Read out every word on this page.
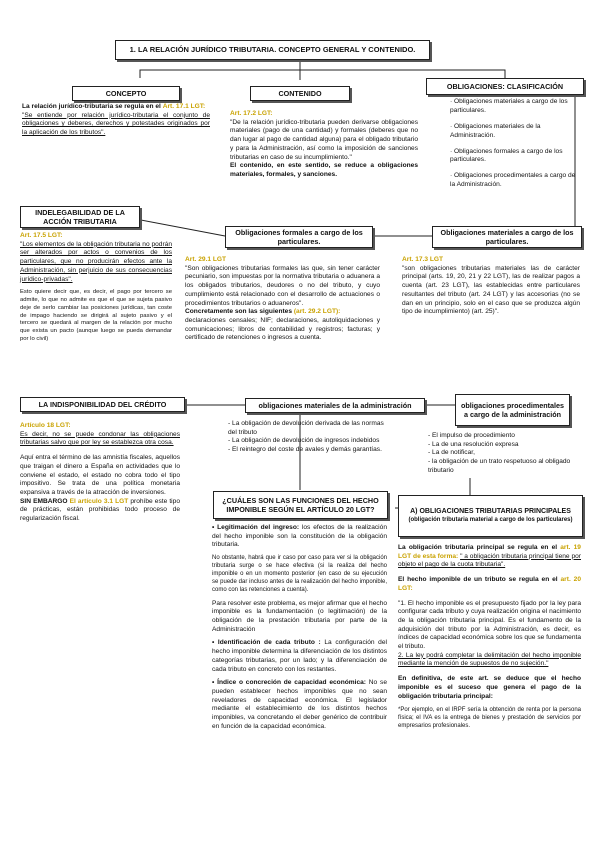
1. LA RELACIÓN JURÍDICO TRIBUTARIA. CONCEPTO GENERAL Y CONTENIDO.
CONCEPTO

La relación jurídico-tributaria se regula en el Art. 17.1 LGT:

"Se entiende por relación jurídico-tributaria el conjunto de obligaciones y deberes, derechos y potestades originados por la aplicación de los tributos".

CONTENIDO

Art. 17.2 LGT:

"De la relación jurídico-tributaria pueden derivarse obligaciones materiales (pago de una cantidad) y formales (deberes que no dan lugar al pago de cantidad alguna) para el obligado tributario y para la Administración, así como la imposición de sanciones tributarias en caso de su incumplimiento."

El contenido, en este sentido, se reduce a obligaciones materiales, formales, y sanciones.

OBLIGACIONES: CLASIFICACIÓN

· Obligaciones materiales a cargo de los particulares.

· Obligaciones materiales de la Administración.

· Obligaciones formales a cargo de los particulares.

· Obligaciones procedimentales a cargo de la Administración.

INDELEGABILIDAD DE LA ACCIÓN TRIBUTARIA

Art. 17.5 LGT:

"Los elementos de la obligación tributaria no podrán ser alterados por actos o convenios de los particulares, que no producirán efectos ante la Administración, sin perjuicio de sus consecuencias jurídico-privadas".

Esto quiere decir que, es decir, el pago por tercero se admite, lo que no admite es que el que se sujeta pasivo deje de serlo cambiar las posiciones jurídicas, tan coste de impago haciendo se dirigirá al sujeto pasivo y el tercero se quedará al margen de la relación por mucho que exista un pacto (aunque luego se pueda demandar por lo civil)

Obligaciones formales a cargo de los particulares.

Art. 29.1 LGT

"Son obligaciones tributarias formales las que, sin tener carácter pecuniario, son impuestas por la normativa tributaria o aduanera a los obligados tributarios, deudores o no del tributo, y cuyo cumplimiento está relacionado con el desarrollo de actuaciones o procedimientos tributarios o aduaneros".

Concretamente son las siguientes (art. 29.2 LGT):

declaraciones censales; NIF; declaraciones, autoliquidaciones y comunicaciones; libros de contabilidad y registros; facturas; y certificado de retenciones o ingresos a cuenta.

Obligaciones materiales a cargo de los particulares.

Art. 17.3 LGT

"son obligaciones tributarias materiales las de carácter principal (arts. 19, 20, 21 y 22 LGT), las de realizar pagos a cuenta (art. 23 LGT), las establecidas entre particulares resultantes del tributo (art. 24 LGT) y las accesorias (no se dan en un principio, solo en el caso que se produzca algún tipo de incumplimiento) (art. 25)".

LA INDISPONIBILIDAD DEL CRÉDITO

Artículo 18 LGT:

Es decir, no se puede condonar las obligaciones tributarias salvo que por ley se establezca otra cosa.

Aquí entra el término de las amnistía fiscales, aquellos que traigan el dinero a España en actividades que lo conviene el estado, el estado no cobra todo el tipo impositivo. Se trata de una política monetaria expansiva a través de la atracción de inversiones.

SIN EMBARGO El artículo 3.1 LGT prohíbe este tipo de prácticas, están prohibidas todo proceso de regularización fiscal.

obligaciones materiales de la administración

- La obligación de devolución derivada de las normas del tributo

- La obligación de devolución de ingresos indebidos

- El reintegro del coste de avales y demás garantías.

obligaciones procedimentales a cargo de la administración

- El impulso de procedimiento

- La de una resolución expresa

- La de notificar,

- la obligación de un trato respetuoso al obligado tributario

¿CUÁLES SON LAS FUNCIONES DEL HECHO IMPONIBLE SEGÚN EL ARTÍCULO 20 LGT?

• Legitimación del ingreso: los efectos de la realización del hecho imponible son la constitución de la obligación tributaria.

No obstante, habrá que ir caso por caso para ver si la obligación tributaria surge o se hace efectiva (si la realiza del hecho imponible o en un momento posterior (en caso de su ejecución se puede dar incluso antes de la realización del hecho imponible, como con las retenciones a cuenta).

Para resolver este problema, es mejor afirmar que el hecho imponible es la fundamentación (o legitimación) de la obligación de la prestación tributaria por parte de la Administración

• Identificación de cada tributo : La configuración del hecho imponible determina la diferenciación de los distintos categorías tributarias, por un lado; y la diferenciación de cada tributo en concreto con los restantes.

• Índice o concreción de capacidad económica: No se pueden establecer hechos imponibles que no sean reveladores de capacidad económica. El legislador mediante el establecimiento de los distintos hechos imponibles, va concretando el deber genérico de contribuir en función de la capacidad económica.

A) OBLIGACIONES TRIBUTARIAS PRINCIPALES
(obligación tributaria material a cargo de los particulares)

La obligación tributaria principal se regula en el art. 19 LGT de esta forma: " a obligación tributaria principal tiene por objeto el pago de la cuota tributaria".

El hecho imponible de un tributo se regula en el art. 20 LGT:

"1. El hecho imponible es el presupuesto fijado por la ley para configurar cada tributo y cuya realización origina el nacimiento de la obligación tributaria principal. Es el fundamento de la adquisición del tributo por la Administración, es decir, es índices de capacidad económica sobre los que se fundamenta el tributo.

2. La ley podrá completar la delimitación del hecho imponible mediante la mención de supuestos de no sujeción."

En definitiva, de este art. se deduce que el hecho imponible es el suceso que genera el pago de la obligación tributaria principal:

*Por ejemplo, en el IRPF sería la obtención de renta por la persona física; el IVA es la entrega de bienes y prestación de servicios por empresarios profesionales.
